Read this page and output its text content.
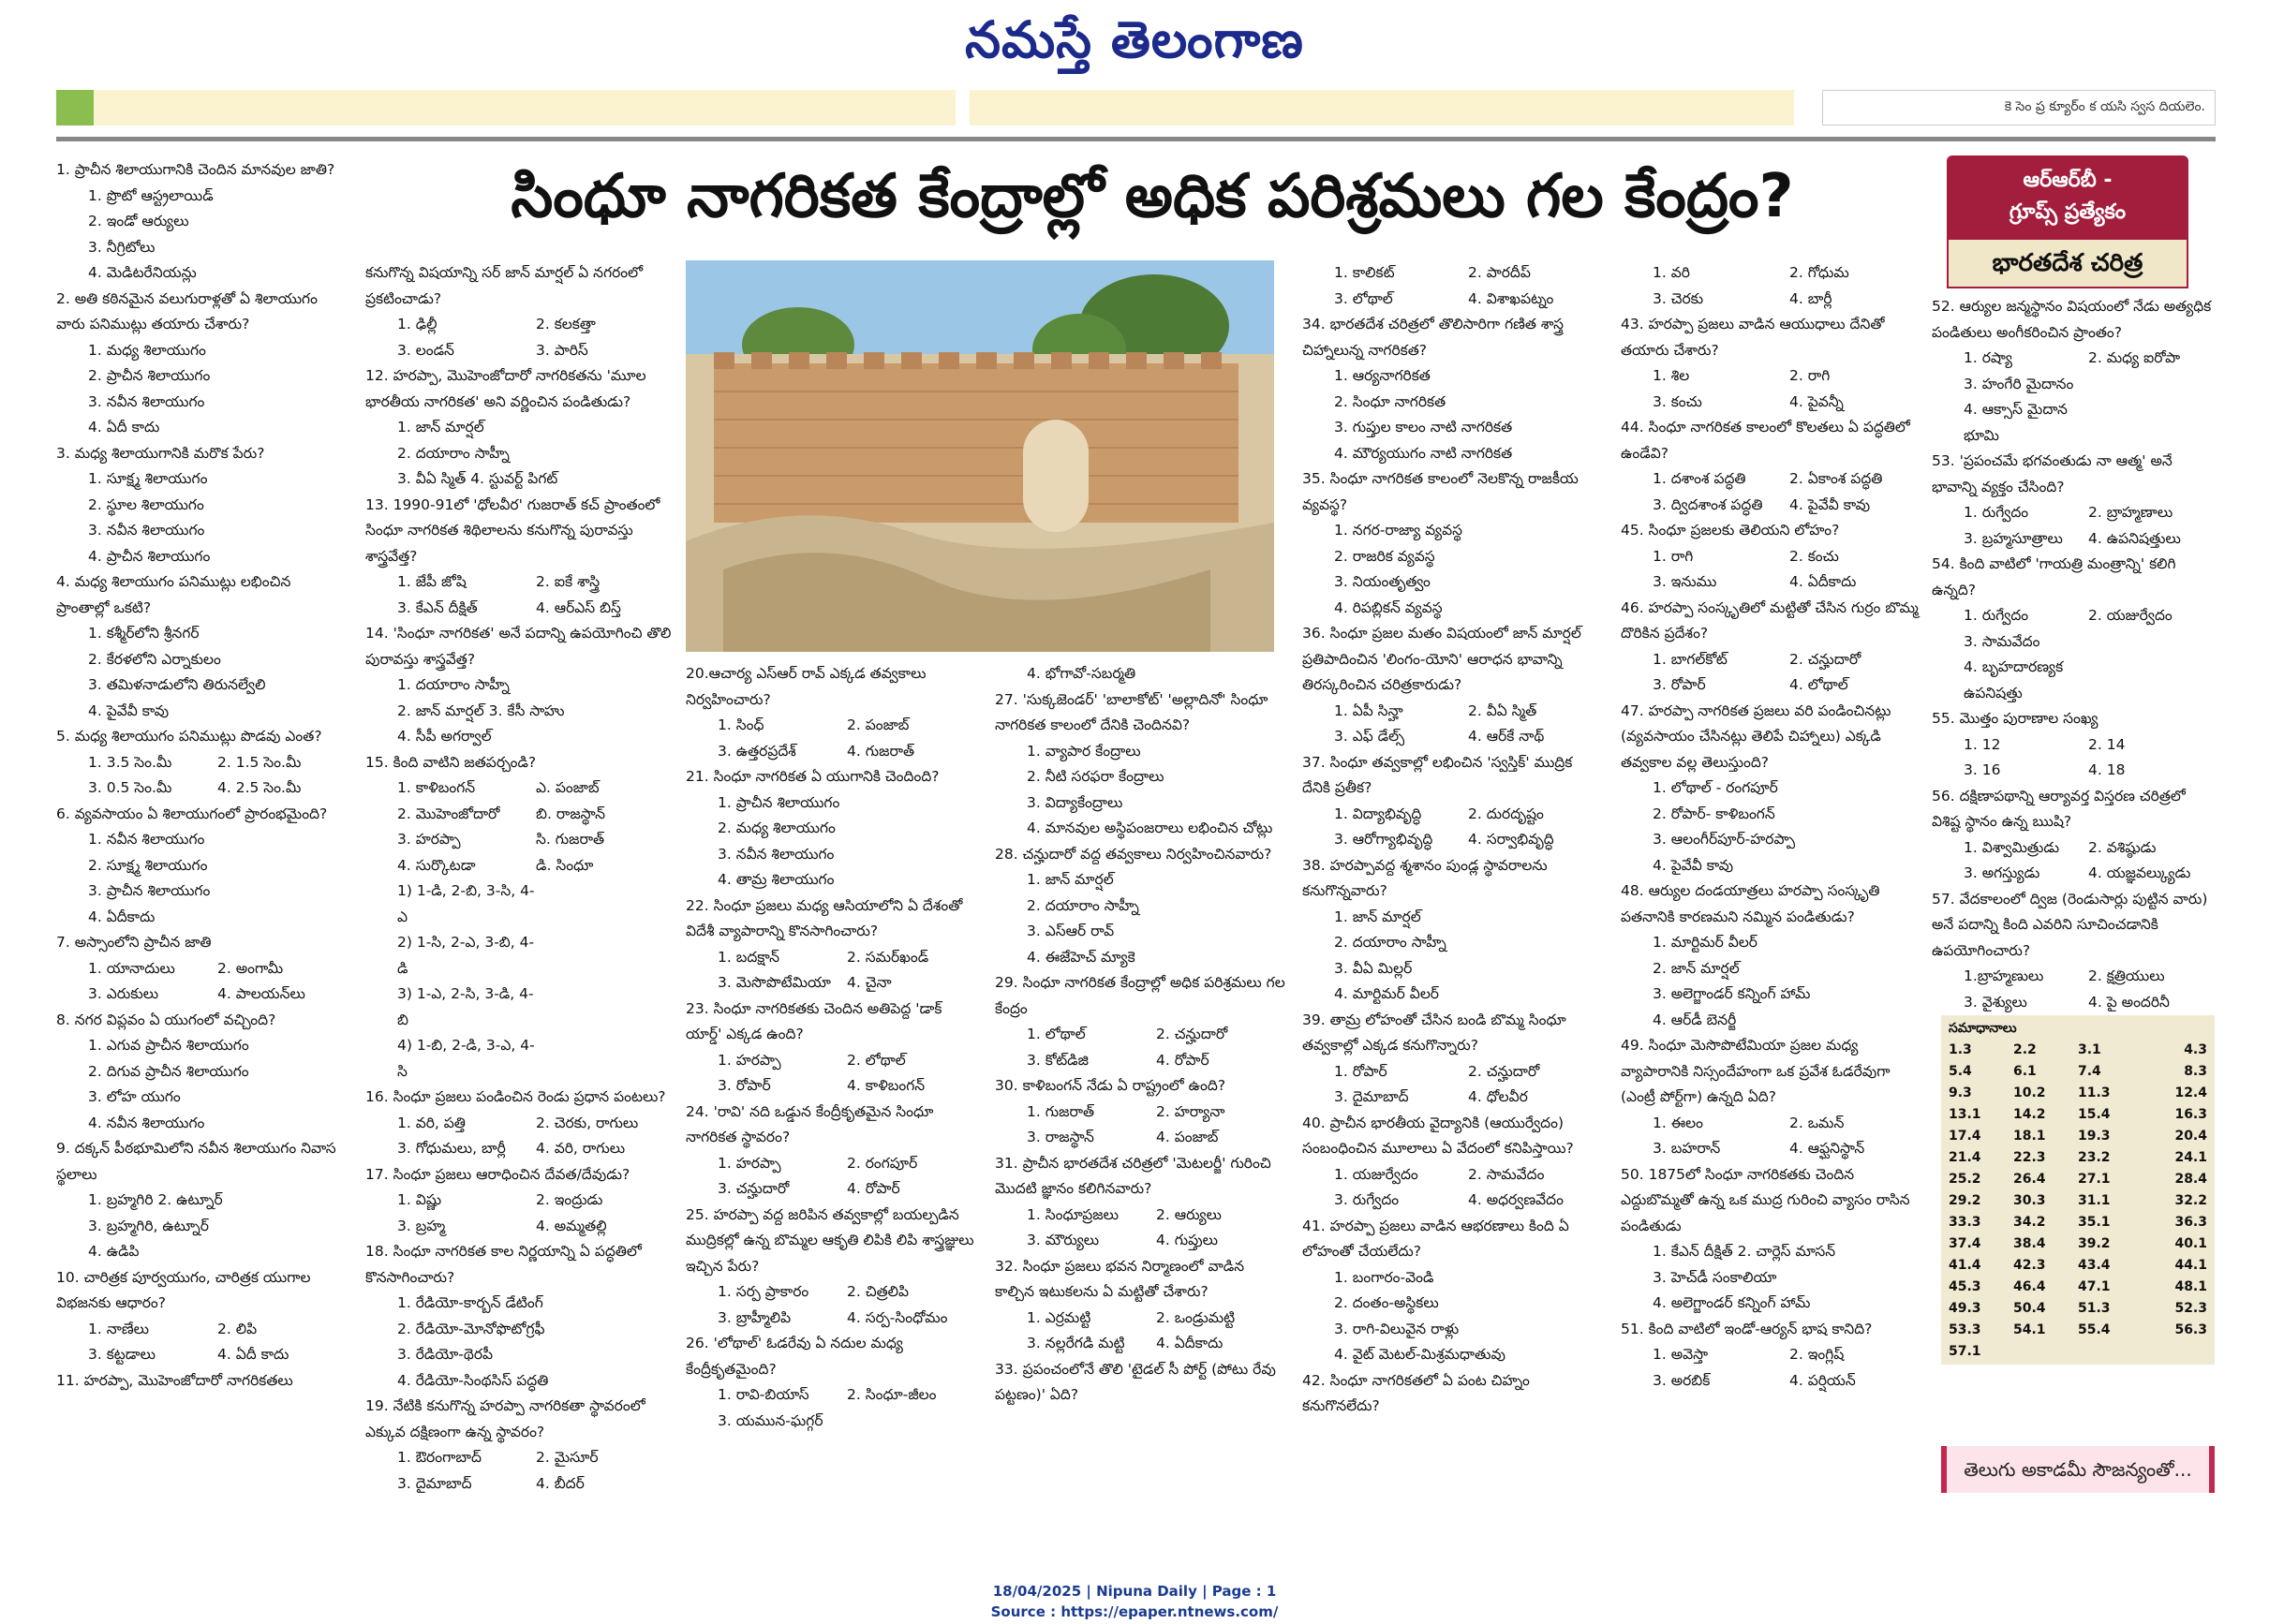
నమస్తే తెలంగాణ
కె సెం ప్ర క్యూర్‌ం క యసి స్వస దియలెం.
సింధూ నాగరికత కేంద్రాల్లో అధిక పరిశ్రమలు గల కేంద్రం?	ఆర్‌ఆర్‌బీ -
గ్రూప్స్ ప్రత్యేకం
భారతదేశ చరిత్ర
1. ప్రాచీన శిలాయుగానికి చెందిన మానవుల జాతి?
1. ప్రొటో ఆస్ట్రలాయిడ్
2. ఇండో ఆర్యులు
3. నీగ్రిటోలు
4. మెడిటరేనియన్లు
2. అతి కఠినమైన వలుగురాళ్లతో ఏ శిలాయుగం వారు పనిముట్లు తయారు చేశారు?
1. మధ్య శిలాయుగం
2. ప్రాచీన శిలాయుగం
3. నవీన శిలాయుగం
4. ఏదీ కాదు
3. మధ్య శిలాయుగానికి మరొక పేరు?
1. సూక్ష్మ శిలాయుగం
2. స్థూల శిలాయుగం
3. నవీన శిలాయుగం
4. ప్రాచీన శిలాయుగం
4. మధ్య శిలాయుగం పనిముట్లు లభించిన ప్రాంతాల్లో ఒకటి?
1. కశ్మీర్‌లోని శ్రీనగర్
2. కేరళలోని ఎర్నాకులం
3. తమిళనాడులోని తిరునల్వేలి
4. పైవేవీ కావు
5. మధ్య శిలాయుగం పనిముట్లు పొడవు ఎంత?
1. 3.5 సెం.మీ	2. 1.5 సెం.మీ
3. 0.5 సెం.మీ	4. 2.5 సెం.మీ
6. వ్యవసాయం ఏ శిలాయుగంలో ప్రారంభమైంది?
1. నవీన శిలాయుగం
2. సూక్ష్మ శిలాయుగం
3. ప్రాచీన శిలాయుగం
4. ఏదీకాదు
7. అస్సాంలోని ప్రాచీన జాతి
1. యానాదులు	2. అంగామీ
3. ఎరుకులు	4. పాలయన్‌లు
8. నగర విప్లవం ఏ యుగంలో వచ్చింది?
1. ఎగువ ప్రాచీన శిలాయుగం
2. దిగువ ప్రాచీన శిలాయుగం
3. లోహ యుగం
4. నవీన శిలాయుగం
9. దక్కన్ పీఠభూమిలోని నవీన శిలాయుగం నివాస స్థలాలు
1. బ్రహ్మగిరి 2. ఉట్నూర్
3. బ్రహ్మగిరి, ఉట్నూర్
4. ఉడిపి
10. చారిత్రక పూర్వయుగం, చారిత్రక యుగాల విభజనకు ఆధారం?
1. నాణేలు	2. లిపి
3. కట్టడాలు	4. ఏదీ కాదు
11. హరప్పా, మొహెంజోదారో నాగరికతలు
కనుగొన్న విషయాన్ని సర్ జాన్ మార్షల్ ఏ నగరంలో ప్రకటించాడు?
1. ఢిల్లీ	2. కలకత్తా
3. లండన్	3. పారిస్
12. హరప్పా, మొహెంజోదారో నాగరికతను 'మూల భారతీయ నాగరికత' అని వర్ణించిన పండితుడు?
1. జాన్ మార్షల్
2. దయారాం సాహ్నీ
3. వీఏ స్మిత్ 4. స్టువర్ట్ పిగట్
13. 1990-91లో 'ధోలవీర' గుజరాత్ కచ్ ప్రాంతంలో సింధూ నాగరికత శిథిలాలను కనుగొన్న పురావస్తు శాస్త్రవేత్త?
1. జేపీ జోషి	2. ఐకే శాస్త్రి
3. కేఎన్ దీక్షిత్	4. ఆర్ఎస్ బిస్త్
14. 'సింధూ నాగరికత' అనే పదాన్ని ఉపయోగించి తొలి పురావస్తు శాస్త్రవేత్త?
1. దయారాం సాహ్నీ
2. జాన్ మార్షల్ 3. కేసీ సాహు
4. సీపీ అగర్వాల్
15. కింది వాటిని జతపర్చండి?
1. కాళిబంగన్	ఎ. పంజాబ్
2. మొహెంజోదారో	బి. రాజస్థాన్
3. హరప్పా	సి. గుజరాత్
4. సుర్కొటడా	డి. సింధూ
1) 1-డి, 2-బి, 3-సి, 4-ఎ
2) 1-సి, 2-ఎ, 3-బి, 4-డి
3) 1-ఎ, 2-సి, 3-డి, 4-బి
4) 1-బి, 2-డి, 3-ఎ, 4-సి
16. సింధూ ప్రజలు పండించిన రెండు ప్రధాన పంటలు?
1. వరి, పత్తి	2. చెరకు, రాగులు
3. గోధుమలు, బార్లీ	4. వరి, రాగులు
17. సింధూ ప్రజలు ఆరాధించిన దేవత/దేవుడు?
1. విష్ణు	2. ఇంద్రుడు
3. బ్రహ్మ	4. అమ్మతల్లి
18. సింధూ నాగరికత కాల నిర్ణయాన్ని ఏ పద్ధతిలో కొనసాగించారు?
1. రేడియో-కార్బన్ డేటింగ్
2. రేడియో-మోనోఫొటోగ్రఫీ
3. రేడియో-థెరపీ
4. రేడియో-సింథసిస్ పద్ధతి
19. నేటికి కనుగొన్న హరప్పా నాగరికతా స్థావరంలో ఎక్కువ దక్షిణంగా ఉన్న స్థావరం?
1. ఔరంగాబాద్	2. మైసూర్
3. దైమాబాద్	4. బీదర్
20.ఆచార్య ఎస్ఆర్ రావ్ ఎక్కడ తవ్వకాలు నిర్వహించారు?
1. సింధ్	2. పంజాబ్
3. ఉత్తరప్రదేశ్	4. గుజరాత్
21. సింధూ నాగరికత ఏ యుగానికి చెందింది?
1. ప్రాచీన శిలాయుగం
2. మధ్య శిలాయుగం
3. నవీన శిలాయుగం
4. తామ్ర శిలాయుగం
22. సింధూ ప్రజలు మధ్య ఆసియాలోని ఏ దేశంతో విదేశీ వ్యాపారాన్ని కొనసాగించారు?
1. బదక్షాన్	2. సమర్‌ఖండ్
3. మెసొపొటేమియా	4. చైనా
23. సింధూ నాగరికతకు చెందిన అతిపెద్ద 'డాక్ యార్డ్' ఎక్కడ ఉంది?
1. హరప్పా	2. లోథాల్
3. రోపార్	4. కాళిబంగన్
24. 'రావి' నది ఒడ్డున కేంద్రీకృతమైన సింధూ నాగరికత స్థావరం?
1. హరప్పా	2. రంగపూర్
3. చన్హుదారో	4. రోపార్
25. హరప్పా వద్ద జరిపిన తవ్వకాల్లో బయల్పడిన ముద్రికల్లో ఉన్న బొమ్మల ఆకృతి లిపికి లిపి శాస్త్రజ్ఞులు ఇచ్చిన పేరు?
1. సర్ప ప్రాకారం	2. చిత్రలిపి
3. బ్రాహ్మీలిపి	4. సర్ప-సింధోమం
26. 'లోథాల్' ఓడరేవు ఏ నదుల మధ్య కేంద్రీకృతమైంది?
1. రావి-బియాస్	2. సింధూ-జీలం
3. యమున-ఘగ్గర్
4. భోగావో-సబర్మతి
27. 'సుక్కజెండర్' 'బాలాకోట్' 'అల్లాదినో' సింధూ నాగరికత కాలంలో దేనికి చెందినవి?
1. వ్యాపార కేంద్రాలు
2. నీటి సరఫరా కేంద్రాలు
3. విద్యాకేంద్రాలు
4. మానవుల అస్థిపంజరాలు లభించిన చోట్లు
28. చన్హుదారో వద్ద తవ్వకాలు నిర్వహించినవారు?
1. జాన్ మార్షల్
2. దయారాం సాహ్నీ
3. ఎస్ఆర్ రావ్
4. ఈజేహెచ్ మ్యాకె
29. సింధూ నాగరికత కేంద్రాల్లో అధిక పరిశ్రమలు గల కేంద్రం
1. లోథాల్	2. చన్హుదారో
3. కోట్‌డిజి	4. రోపార్
30. కాళిబంగన్ నేడు ఏ రాష్ట్రంలో ఉంది?
1. గుజరాత్	2. హర్యానా
3. రాజస్థాన్	4. పంజాబ్
31. ప్రాచీన భారతదేశ చరిత్రలో 'మెటలర్జీ' గురించి మొదటి జ్ఞానం కలిగినవారు?
1. సింధూప్రజలు	2. ఆర్యులు
3. మౌర్యులు	4. గుప్తులు
32. సింధూ ప్రజలు భవన నిర్మాణంలో వాడిన కాల్చిన ఇటుకలను ఏ మట్టితో చేశారు?
1. ఎర్రమట్టి	2. ఒండ్రుమట్టి
3. నల్లరేగడి మట్టి	4. ఏదీకాదు
33. ప్రపంచంలోనే తొలి 'టైడల్ సీ పోర్ట్ (పోటు రేవు పట్టణం)' ఏది?
1. కాలికట్	2. పారదీప్
3. లోథాల్	4. విశాఖపట్నం
34. భారతదేశ చరిత్రలో తొలిసారిగా గణిత శాస్త్ర చిహ్నాలున్న నాగరికత?
1. ఆర్యనాగరికత
2. సింధూ నాగరికత
3. గుప్తుల కాలం నాటి నాగరికత
4. మౌర్యయుగం నాటి నాగరికత
35. సింధూ నాగరికత కాలంలో నెలకొన్న రాజకీయ వ్యవస్థ?
1. నగర-రాజ్యా వ్యవస్థ
2. రాజరిక వ్యవస్థ
3. నియంతృత్వం
4. రిపబ్లికన్ వ్యవస్థ
36. సింధూ ప్రజల మతం విషయంలో జాన్ మార్షల్ ప్రతిపాదించిన 'లింగం-యోని' ఆరాధన భావాన్ని తిరస్కరించిన చరిత్రకారుడు?
1. ఏపీ సిన్హా	2. వీఏ స్మిత్
3. ఎఫ్ డేల్స్	4. ఆర్‌కే నాథ్
37. సింధూ తవ్వకాల్లో లభించిన 'స్వస్తిక్' ముద్రిక దేనికి ప్రతీక?
1. విద్యాభివృద్ధి	2. దురదృష్టం
3. ఆరోగ్యాభివృద్ధి	4. సర్వాభివృద్ధి
38. హరప్పావద్ద శ్మశానం పుండ్ల స్థావరాలను కనుగొన్నవారు?
1. జాన్ మార్షల్
2. దయారాం సాహ్నీ
3. వీఏ మిల్లర్
4. మార్టిమర్ వీలర్
39. తామ్ర లోహంతో చేసిన బండి బొమ్మ సింధూ తవ్వకాల్లో ఎక్కడ కనుగొన్నారు?
1. రోపార్	2. చన్హుదారో
3. దైమాబాద్	4. ధోలవీర
40. ప్రాచీన భారతీయ వైద్యానికి (ఆయుర్వేదం) సంబంధించిన మూలాలు ఏ వేదంలో కనిపిస్తాయి?
1. యజుర్వేదం	2. సామవేదం
3. రుగ్వేదం	4. అధర్వణవేదం
41. హరప్పా ప్రజలు వాడిన ఆభరణాలు కింది ఏ లోహంతో చేయలేదు?
1. బంగారం-వెండి
2. దంతం-అస్థికలు
3. రాగి-విలువైన రాళ్లు
4. వైట్ మెటల్-మిశ్రమధాతువు
42. సింధూ నాగరికతలో ఏ పంట చిహ్నం కనుగొనలేదు?
1. వరి	2. గోధుమ
3. చెరకు	4. బార్లీ
43. హరప్పా ప్రజలు వాడిన ఆయుధాలు దేనితో తయారు చేశారు?
1. శిల	2. రాగి
3. కంచు	4. పైవన్నీ
44. సింధూ నాగరికత కాలంలో కొలతలు ఏ పద్ధతిలో ఉండేవి?
1. దశాంశ పద్ధతి	2. ఏకాంశ పద్ధతి
3. ద్విదశాంశ పద్ధతి	4. పైవేవీ కావు
45. సింధూ ప్రజలకు తెలియని లోహం?
1. రాగి	2. కంచు
3. ఇనుము	4. ఏదీకాదు
46. హరప్పా సంస్కృతిలో మట్టితో చేసిన గుర్రం బొమ్మ దొరికిన ప్రదేశం?
1. బాగల్‌కోట్	2. చన్హుదారో
3. రోపార్	4. లోథాల్
47. హరప్పా నాగరికత ప్రజలు వరి పండించినట్లు (వ్యవసాయం చేసినట్లు తెలిపే చిహ్నాలు) ఎక్కడి తవ్వకాల వల్ల తెలుస్తుంది?
1. లోథాల్ - రంగపూర్
2. రోపార్- కాళిబంగన్
3. ఆలంగీర్‌పూర్-హరప్పా
4. పైవేవీ కావు
48. ఆర్యుల దండయాత్రలు హరప్పా సంస్కృతి పతనానికి కారణమని నమ్మిన పండితుడు?
1. మార్టిమర్ వీలర్
2. జాన్ మార్షల్
3. అలెగ్జాండర్ కన్నింగ్ హామ్
4. ఆర్‌డీ బెనర్జీ
49. సింధూ మెసొపొటేమియా ప్రజల మధ్య వ్యాపారానికి నిస్సందేహంగా ఒక ప్రవేశ ఓడరేవుగా (ఎంట్రీ పోర్ట్‌గా) ఉన్నది ఏది?
1. ఈలం	2. ఒమన్
3. బహరాన్	4. ఆఫ్ఘనిస్థాన్
50. 1875లో సింధూ నాగరికతకు చెందిన ఎద్దుబొమ్మతో ఉన్న ఒక ముద్ర గురించి వ్యాసం రాసిన పండితుడు
1. కేఎన్ దీక్షిత్ 2. చార్లెస్ మాసన్
3. హెచ్‌డీ సంకాలియా
4. అలెగ్జాండర్ కన్నింగ్ హామ్
51. కింది వాటిలో ఇండో-ఆర్యన్ భాష కానిది?
1. అవెస్తా	2. ఇంగ్లిష్
3. అరబిక్	4. పర్షియన్
52. ఆర్యుల జన్మస్థానం విషయంలో నేడు అత్యధిక పండితులు అంగీకరించిన ప్రాంతం?
1. రష్యా	2. మధ్య ఐరోపా
3. హంగేరి మైదానం
4. ఆక్సాస్ మైదాన భూమి
53. 'ప్రపంచమే భగవంతుడు నా ఆత్మ' అనే భావాన్ని వ్యక్తం చేసింది?
1. రుగ్వేదం	2. బ్రాహ్మణాలు
3. బ్రహ్మసూత్రాలు	4. ఉపనిషత్తులు
54. కింది వాటిలో 'గాయత్రి మంత్రాన్ని' కలిగి ఉన్నది?
1. రుగ్వేదం	2. యజుర్వేదం
3. సామవేదం
4. బృహదారణ్యక ఉపనిషత్తు
55. మొత్తం పురాణాల సంఖ్య
1. 12	2. 14
3. 16	4. 18
56. దక్షిణాపథాన్ని ఆర్యావర్త విస్తరణ చరిత్రలో విశిష్ట స్థానం ఉన్న ఋషి?
1. విశ్వామిత్రుడు	2. వశిష్ఠుడు
3. అగస్త్యుడు	4. యజ్ఞవల్క్యుడు
57. వేదకాలంలో ద్విజ (రెండుసార్లు పుట్టిన వారు) అనే పదాన్ని కింది ఎవరిని సూచించడానికి ఉపయోగించారు?
1.బ్రాహ్మణులు	2. క్షత్రియులు
3. వైశ్యులు	4. పై అందరినీ
సమాధానాలు
1.3	2.2	3.1	4.3
5.4	6.1	7.4	8.3
9.3	10.2	11.3	12.4
13.1	14.2	15.4	16.3
17.4	18.1	19.3	20.4
21.4	22.3	23.2	24.1
25.2	26.4	27.1	28.4
29.2	30.3	31.1	32.2
33.3	34.2	35.1	36.3
37.4	38.4	39.2	40.1
41.4	42.3	43.4	44.1
45.3	46.4	47.1	48.1
49.3	50.4	51.3	52.3
53.3	54.1	55.4	56.3
57.1
తెలుగు అకాడమీ సౌజన్యంతో...
18/04/2025 | Nipuna Daily | Page : 1
Source : https://epaper.ntnews.com/
